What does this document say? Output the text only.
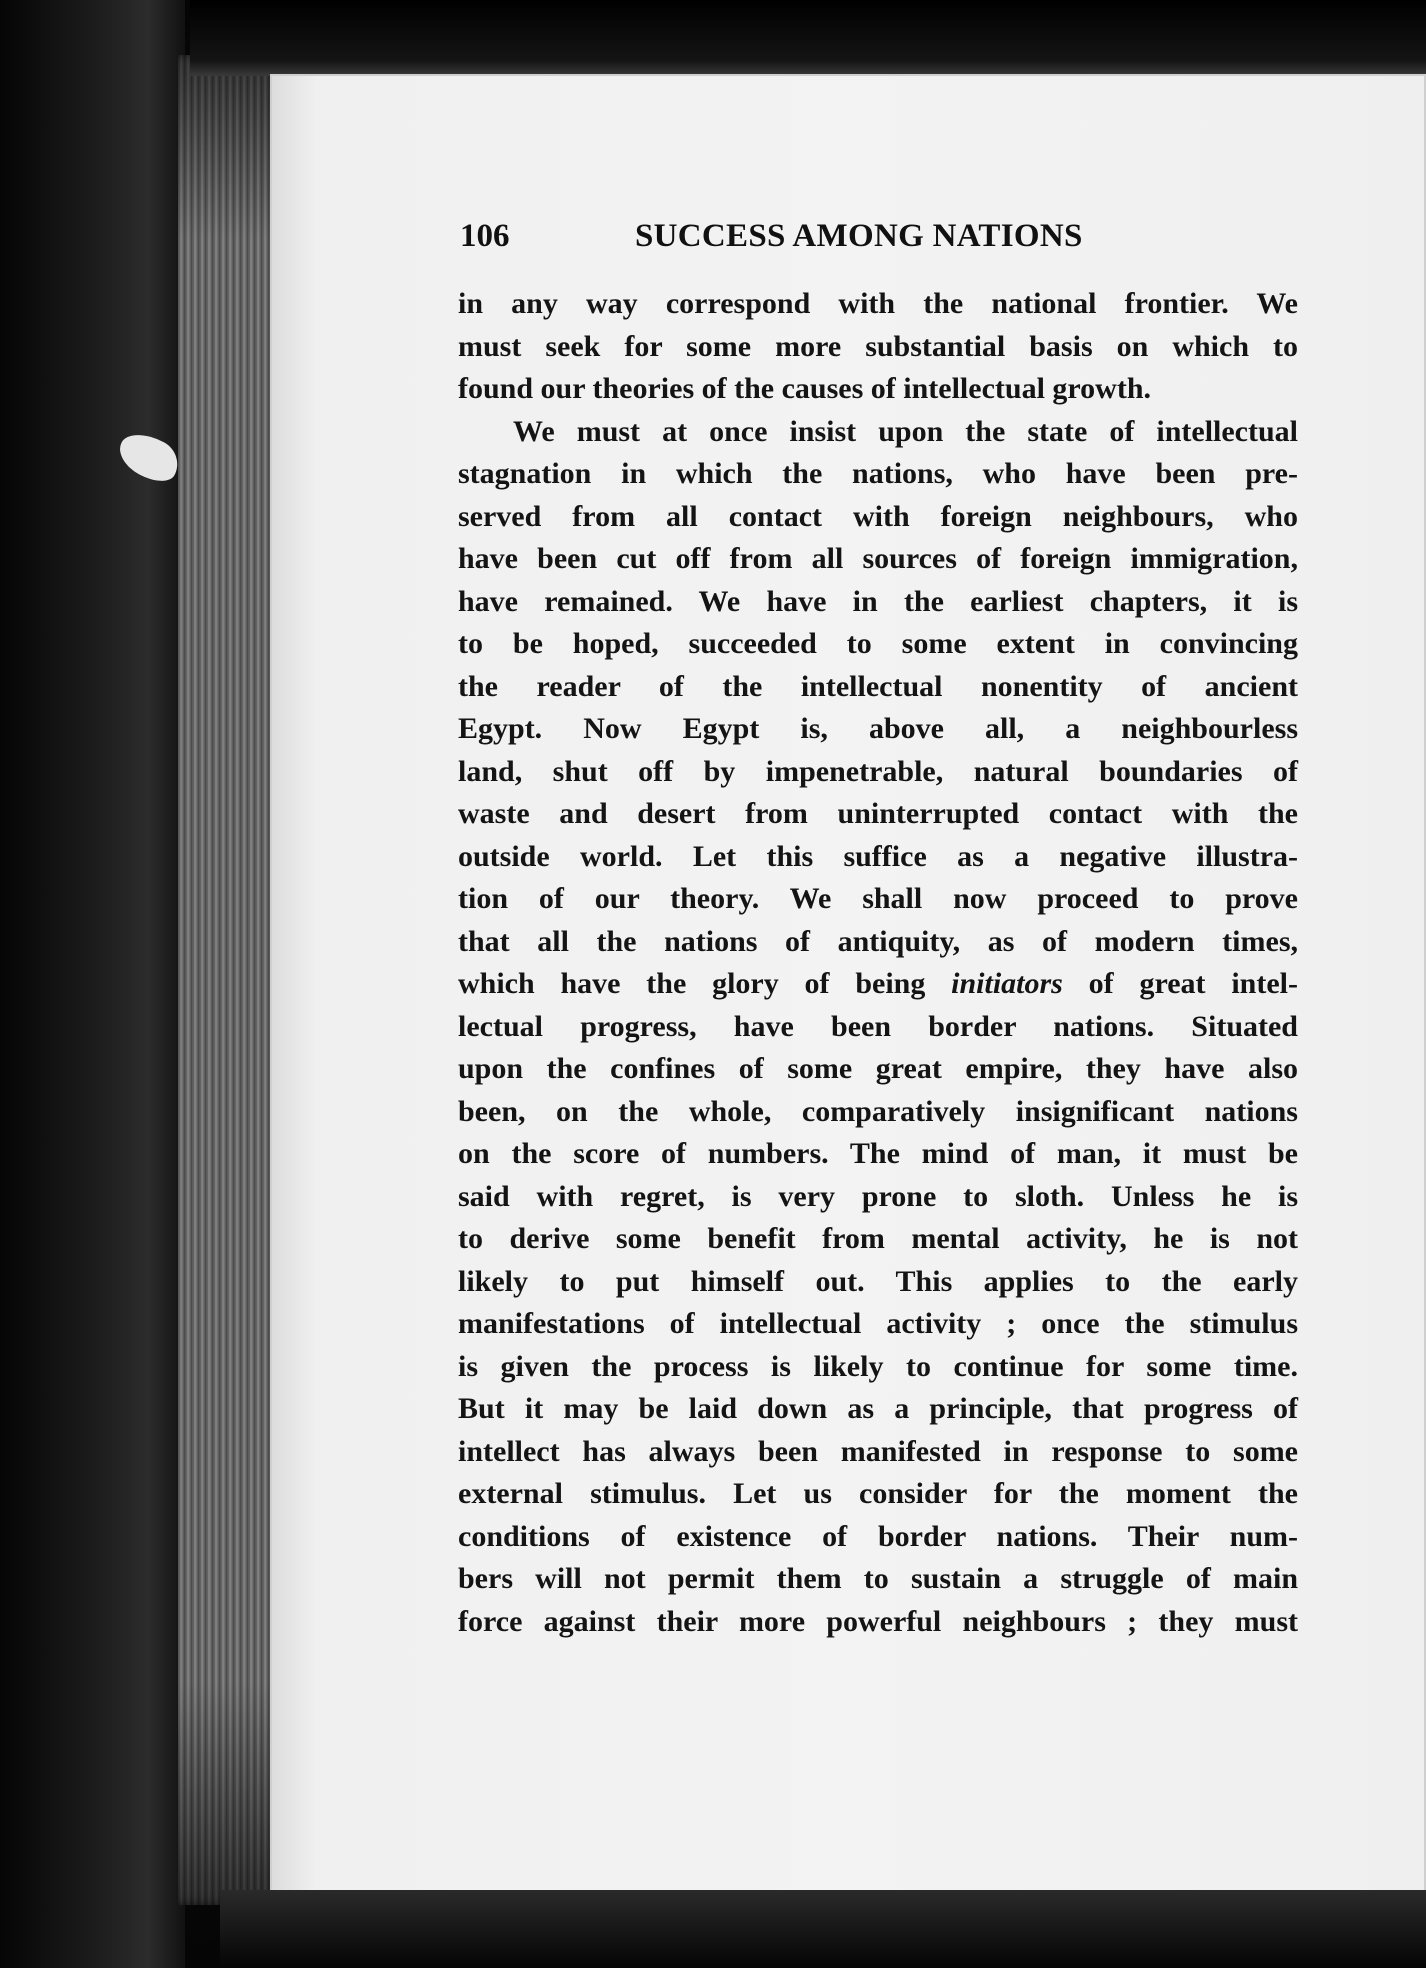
106	SUCCESS AMONG NATIONS
in any way correspond with the national frontier. We
must seek for some more substantial basis on which to
found our theories of the causes of intellectual growth.
We must at once insist upon the state of intellectual
stagnation in which the nations, who have been pre-
served from all contact with foreign neighbours, who
have been cut off from all sources of foreign immigration,
have remained. We have in the earliest chapters, it is
to be hoped, succeeded to some extent in convincing
the reader of the intellectual nonentity of ancient
Egypt. Now Egypt is, above all, a neighbourless
land, shut off by impenetrable, natural boundaries of
waste and desert from uninterrupted contact with the
outside world. Let this suffice as a negative illustra-
tion of our theory. We shall now proceed to prove
that all the nations of antiquity, as of modern times,
which have the glory of being initiators of great intel-
lectual progress, have been border nations. Situated
upon the confines of some great empire, they have also
been, on the whole, comparatively insignificant nations
on the score of numbers. The mind of man, it must be
said with regret, is very prone to sloth. Unless he is
to derive some benefit from mental activity, he is not
likely to put himself out. This applies to the early
manifestations of intellectual activity ; once the stimulus
is given the process is likely to continue for some time.
But it may be laid down as a principle, that progress of
intellect has always been manifested in response to some
external stimulus. Let us consider for the moment the
conditions of existence of border nations. Their num-
bers will not permit them to sustain a struggle of main
force against their more powerful neighbours ; they must
